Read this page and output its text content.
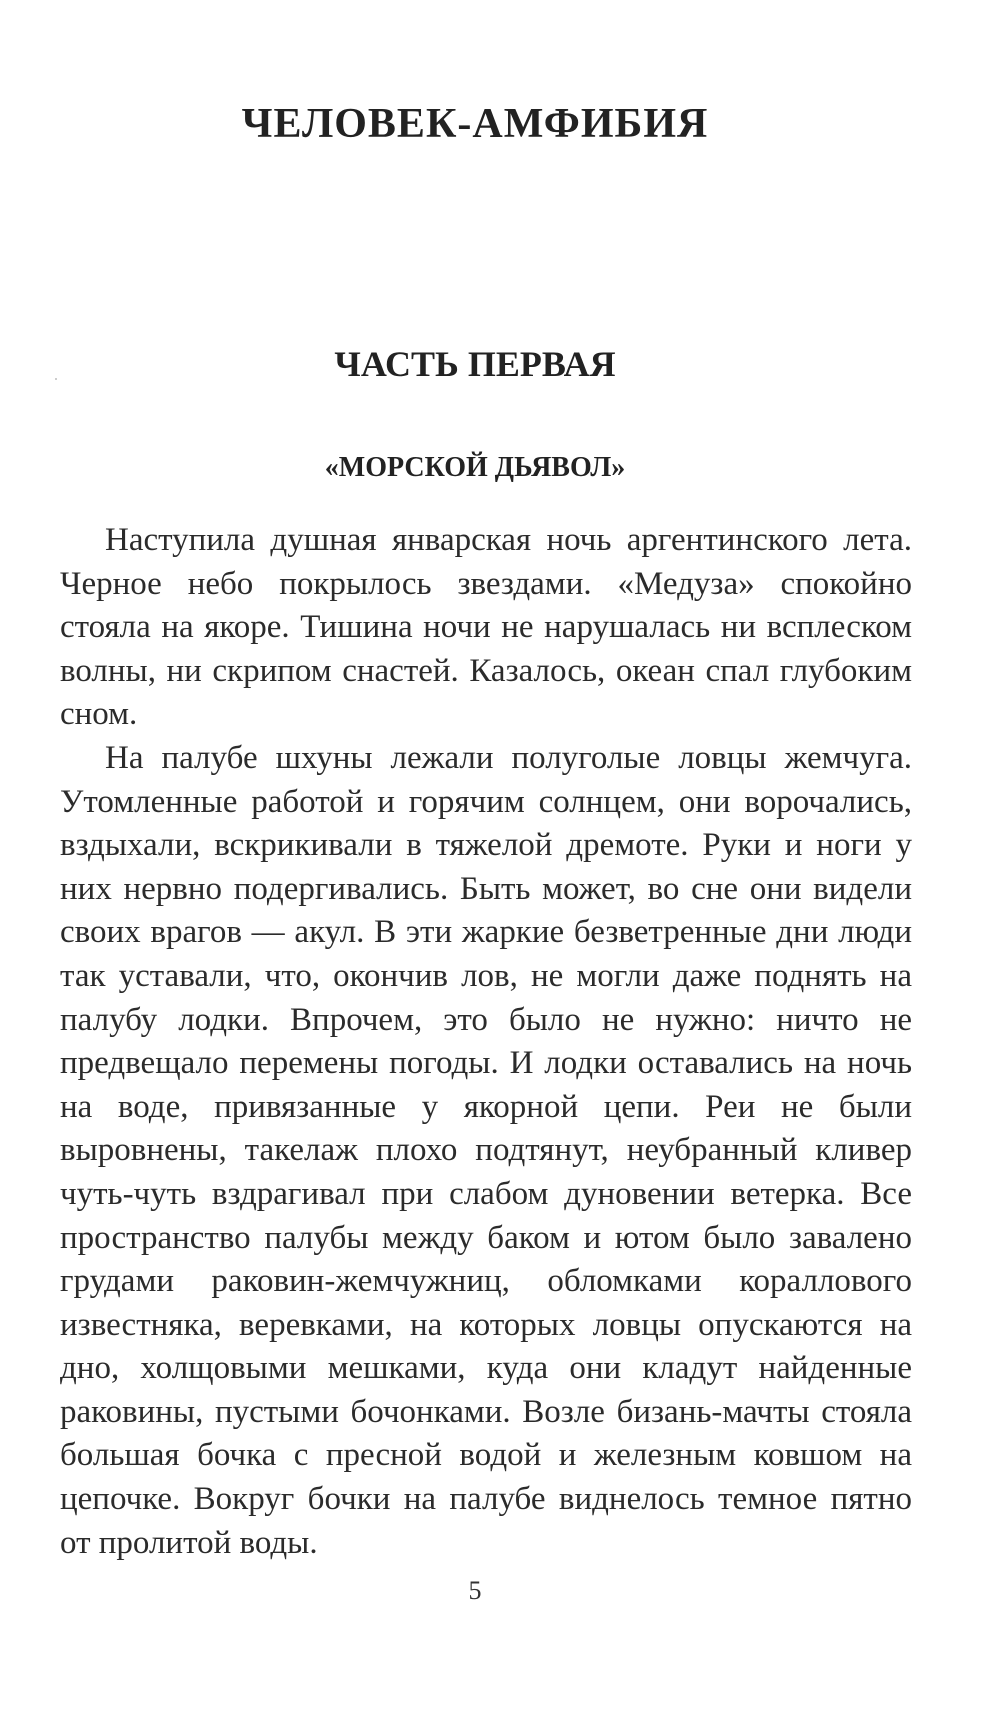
ЧЕЛОВЕК-АМФИБИЯ
ЧАСТЬ ПЕРВАЯ
«МОРСКОЙ ДЬЯВОЛ»

Наступила душная январская ночь аргентинского лета. Черное небо покрылось звездами. «Медуза» спокойно стояла на якоре. Тишина ночи не нарушалась ни всплеском волны, ни скрипом снастей. Казалось, океан спал глубоким сном.

На палубе шхуны лежали полуголые ловцы жемчуга. Утомленные работой и горячим солнцем, они ворочались, вздыхали, вскрикивали в тяжелой дремоте. Руки и ноги у них нервно подергивались. Быть может, во сне они видели своих врагов — акул. В эти жаркие безветренные дни люди так уставали, что, окончив лов, не могли даже поднять на палубу лодки. Впрочем, это было не нужно: ничто не предвещало перемены погоды. И лодки оставались на ночь на воде, привязанные у якорной цепи. Реи не были выровнены, такелаж плохо подтянут, неубранный кливер чуть-чуть вздрагивал при слабом дуновении ветерка. Все пространство палубы между баком и ютом было завалено грудами раковин-жемчужниц, обломками кораллового известняка, веревками, на которых ловцы опускаются на дно, холщовыми мешками, куда они кладут найденные раковины, пустыми бочонками. Возле бизань-мачты стояла большая бочка с пресной водой и железным ковшом на цепочке. Вокруг бочки на палубе виднелось темное пятно от пролитой воды.

5
